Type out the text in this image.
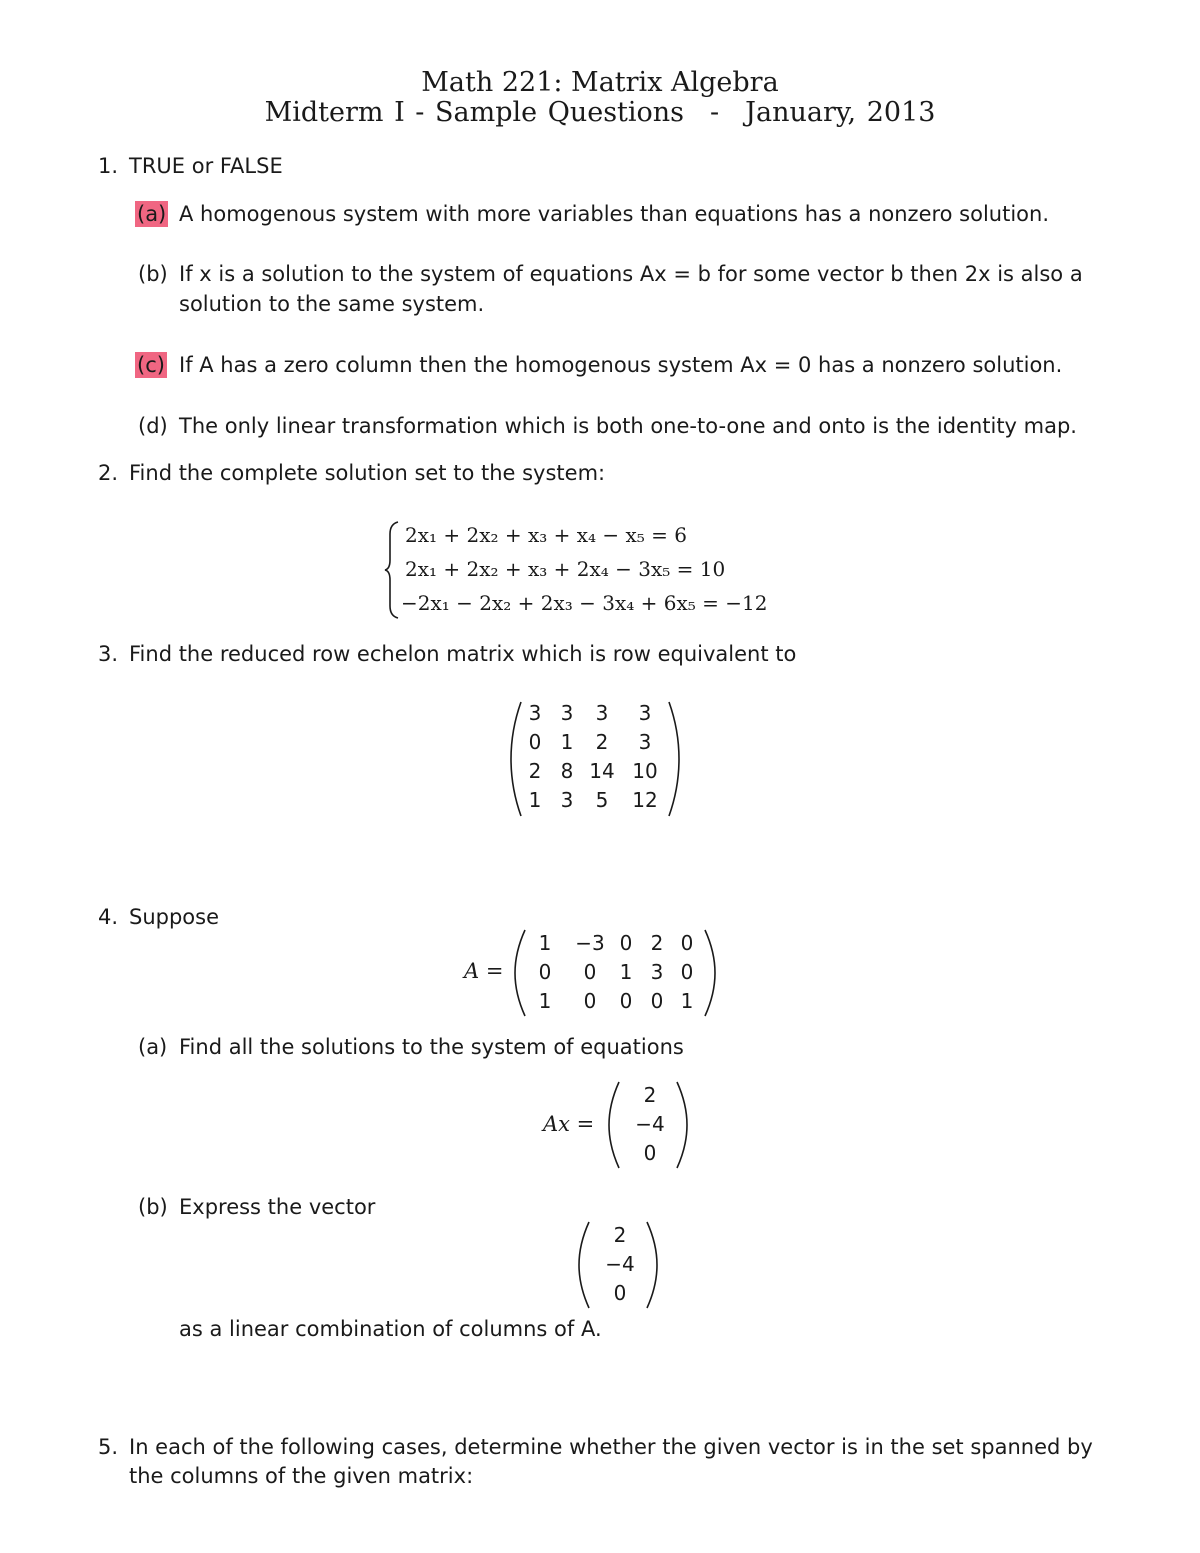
Math 221: Matrix Algebra
Midterm I - Sample Questions - January, 2013
1. TRUE or FALSE
(a) A homogenous system with more variables than equations has a nonzero solution.
(b) If x is a solution to the system of equations Ax = b for some vector b then 2x is also a
solution to the same system.
(c) If A has a zero column then the homogenous system Ax = 0 has a nonzero solution.
(d) The only linear transformation which is both one-to-one and onto is the identity map.
2. Find the complete solution set to the system:
2x₁ + 2x₂ + x₃ + x₄ − x₅ = 6
2x₁ + 2x₂ + x₃ + 2x₄ − 3x₅ = 10
−2x₁ − 2x₂ + 2x₃ − 3x₄ + 6x₅ = −12
3. Find the reduced row echelon matrix which is row equivalent to
3 3	3	3
0 1	2	3
2 8 14 10
1 3	5	12
4. Suppose
A =
1	−3 0 2 0
0	0	1 3 0
1	0	0 0 1
(a) Find all the solutions to the system of equations
Ax =
2
−4
0
(b) Express the vector
2
−4
0
as a linear combination of columns of A.
5. In each of the following cases, determine whether the given vector is in the set spanned by
the columns of the given matrix:
